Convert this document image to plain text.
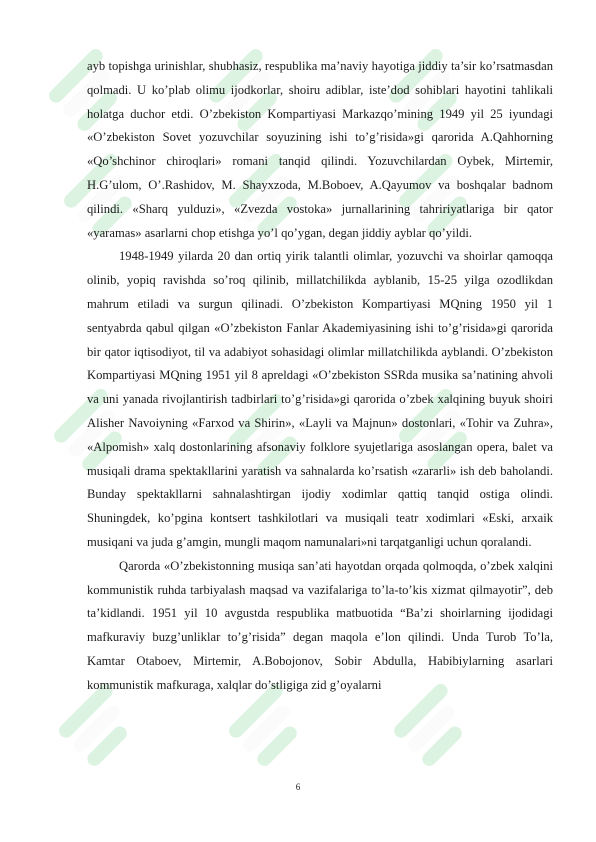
ayb topishga urinishlar, shubhasiz, respublika ma’naviy hayotiga jiddiy ta’sir ko’rsatmasdan qolmadi. U ko’plab olimu ijodkorlar, shoiru adiblar, iste’dod sohiblari hayotini tahlikali holatga duchor etdi. O’zbekiston Kompartiyasi Markazqo’mining 1949 yil 25 iyundagi «O’zbekiston Sovet yozuvchilar soyuzining ishi to’g’risida»gi qarorida A.Qahhorning «Qo’shchinor chiroqlari» romani tanqid qilindi. Yozuvchilardan Oybek, Mirtemir, H.G’ulom, O’.Rashidov, M. Shayxzoda, M.Boboev, A.Qayumov va boshqalar badnom qilindi. «Sharq yulduzi», «Zvezda vostoka» jurnallarining tahririyatlariga bir qator «yaramas» asarlarni chop etishga yo’l qo’ygan, degan jiddiy ayblar qo’yildi.

1948-1949 yilarda 20 dan ortiq yirik talantli olimlar, yozuvchi va shoirlar qamoqqa olinib, yopiq ravishda so’roq qilinib, millatchilikda ayblanib, 15-25 yilga ozodlikdan mahrum etiladi va surgun qilinadi. O’zbekiston Kompartiyasi MQning 1950 yil 1 sentyabrda qabul qilgan «O’zbekiston Fanlar Akademiyasining ishi to’g’risida»gi qarorida bir qator iqtisodiyot, til va adabiyot sohasidagi olimlar millatchilikda ayblandi. O’zbekiston Kompartiyasi MQning 1951 yil 8 apreldagi «O’zbekiston SSRda musika sa’natining ahvoli va uni yanada rivojlantirish tadbirlari to’g’risida»gi qarorida o’zbek xalqining buyuk shoiri Alisher Navoiyning «Farxod va Shirin», «Layli va Majnun» dostonlari, «Tohir va Zuhra», «Alpomish» xalq dostonlarining afsonaviy folklore syujetlariga asoslangan opera, balet va musiqali drama spektakllarini yaratish va sahnalarda ko’rsatish «zararli» ish deb baholandi. Bunday spektakllarni sahnalashtirgan ijodiy xodimlar qattiq tanqid ostiga olindi. Shuningdek, ko’pgina kontsert tashkilotlari va musiqali teatr xodimlari «Eski, arxaik musiqani va juda g’amgin, mungli maqom namunalari»ni tarqatganligi uchun qoralandi.

Qarorda «O’zbekistonning musiqa san’ati hayotdan orqada qolmoqda, o’zbek xalqini kommunistik ruhda tarbiyalash maqsad va vazifalariga to’la-to’kis xizmat qilmayotir”, deb ta’kidlandi. 1951 yil 10 avgustda respublika matbuotida “Ba’zi shoirlarning ijodidagi mafkuraviy buzg’unliklar to’g’risida” degan maqola e’lon qilindi. Unda Turob To’la, Kamtar Otaboev, Mirtemir, A.Bobojonov, Sobir Abdulla, Habibiylarning asarlari kommunistik mafkuraga, xalqlar do’stligiga zid g’oyalarni

6
